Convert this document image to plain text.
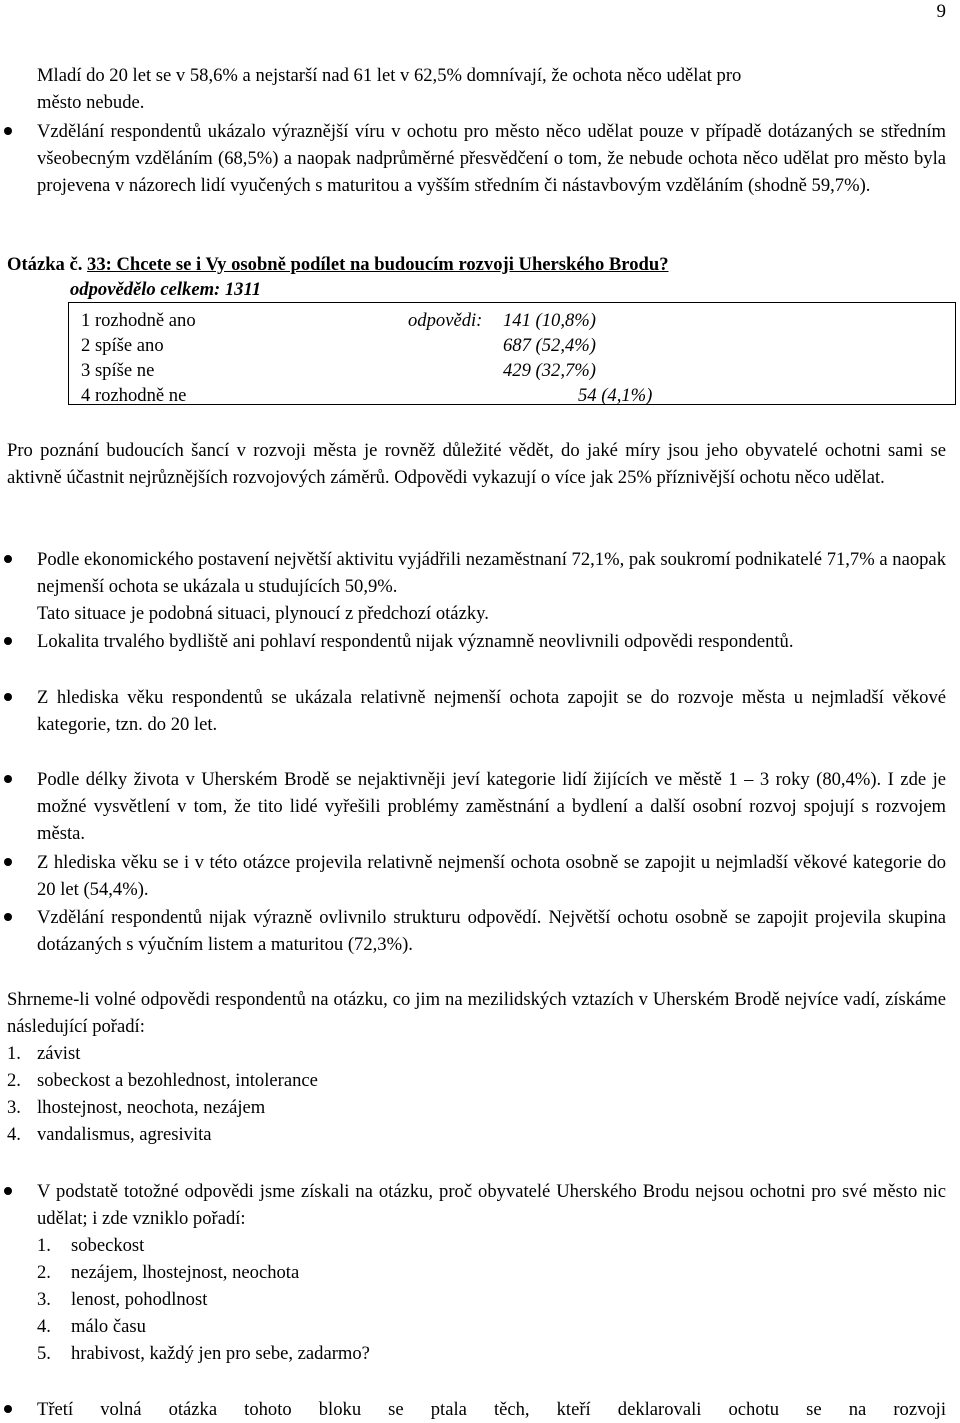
9
Mladí do 20 let se v 58,6% a nejstarší nad 61 let v 62,5% domnívají, že ochota něco udělat pro
město nebude.

Vzdělání respondentů ukázalo výraznější víru v ochotu pro město něco udělat pouze v případě dotázaných se středním všeobecným vzděláním (68,5%) a naopak nadprůměrné přesvědčení o tom, že nebude ochota něco udělat pro město byla projevena v názorech lidí vyučených s maturitou a vyšším středním či nástavbovým vzděláním (shodně 59,7%).

Otázka č. 33: Chcete se i Vy osobně podílet na budoucím rozvoji Uherského Brodu?
odpovědělo celkem: 1311
1 rozhodně ano	odpovědi: 141 (10,8%)
2 spíše ano	687 (52,4%)
3 spíše ne	429 (32,7%)
4 rozhodně ne	54 (4,1%)

Pro poznání budoucích šancí v rozvoji města je rovněž důležité vědět, do jaké míry jsou jeho obyvatelé ochotni sami se aktivně účastnit nejrůznějších rozvojových záměrů. Odpovědi vykazují o více jak 25% příznivější ochotu něco udělat.

Podle ekonomického postavení největší aktivitu vyjádřili nezaměstnaní 72,1%, pak soukromí podnikatelé 71,7% a naopak nejmenší ochota se ukázala u studujících 50,9%.

Tato situace je podobná situaci, plynoucí z předchozí otázky.

Lokalita trvalého bydliště ani pohlaví respondentů nijak významně neovlivnili odpovědi respondentů.

Z hlediska věku respondentů se ukázala relativně nejmenší ochota zapojit se do rozvoje města u nejmladší věkové kategorie, tzn. do 20 let.

Podle délky života v Uherském Brodě se nejaktivněji jeví kategorie lidí žijících ve městě 1 – 3 roky (80,4%). I zde je možné vysvětlení v tom, že tito lidé vyřešili problémy zaměstnání a bydlení a další osobní rozvoj spojují s rozvojem města.

Z hlediska věku se i v této otázce projevila relativně nejmenší ochota osobně se zapojit u nejmladší věkové kategorie do 20 let (54,4%).

Vzdělání respondentů nijak výrazně ovlivnilo strukturu odpovědí. Největší ochotu osobně se zapojit projevila skupina dotázaných s výučním listem a maturitou (72,3%).

Shrneme-li volné odpovědi respondentů na otázku, co jim na mezilidských vztazích v Uherském Brodě nejvíce vadí, získáme následující pořadí:

1. závist
2. sobeckost a bezohlednost, intolerance
3. lhostejnost, neochota, nezájem
4. vandalismus, agresivita

V podstatě totožné odpovědi jsme získali na otázku, proč obyvatelé Uherského Brodu nejsou ochotni pro své město nic udělat; i zde vzniklo pořadí:

1. sobeckost
2. nezájem, lhostejnost, neochota
3. lenost, pohodlnost
4. málo času
5. hrabivost, každý jen pro sebe, zadarmo?

Třetí volná otázka tohoto bloku se ptala těch, kteří deklarovali ochotu se na rozvoji
